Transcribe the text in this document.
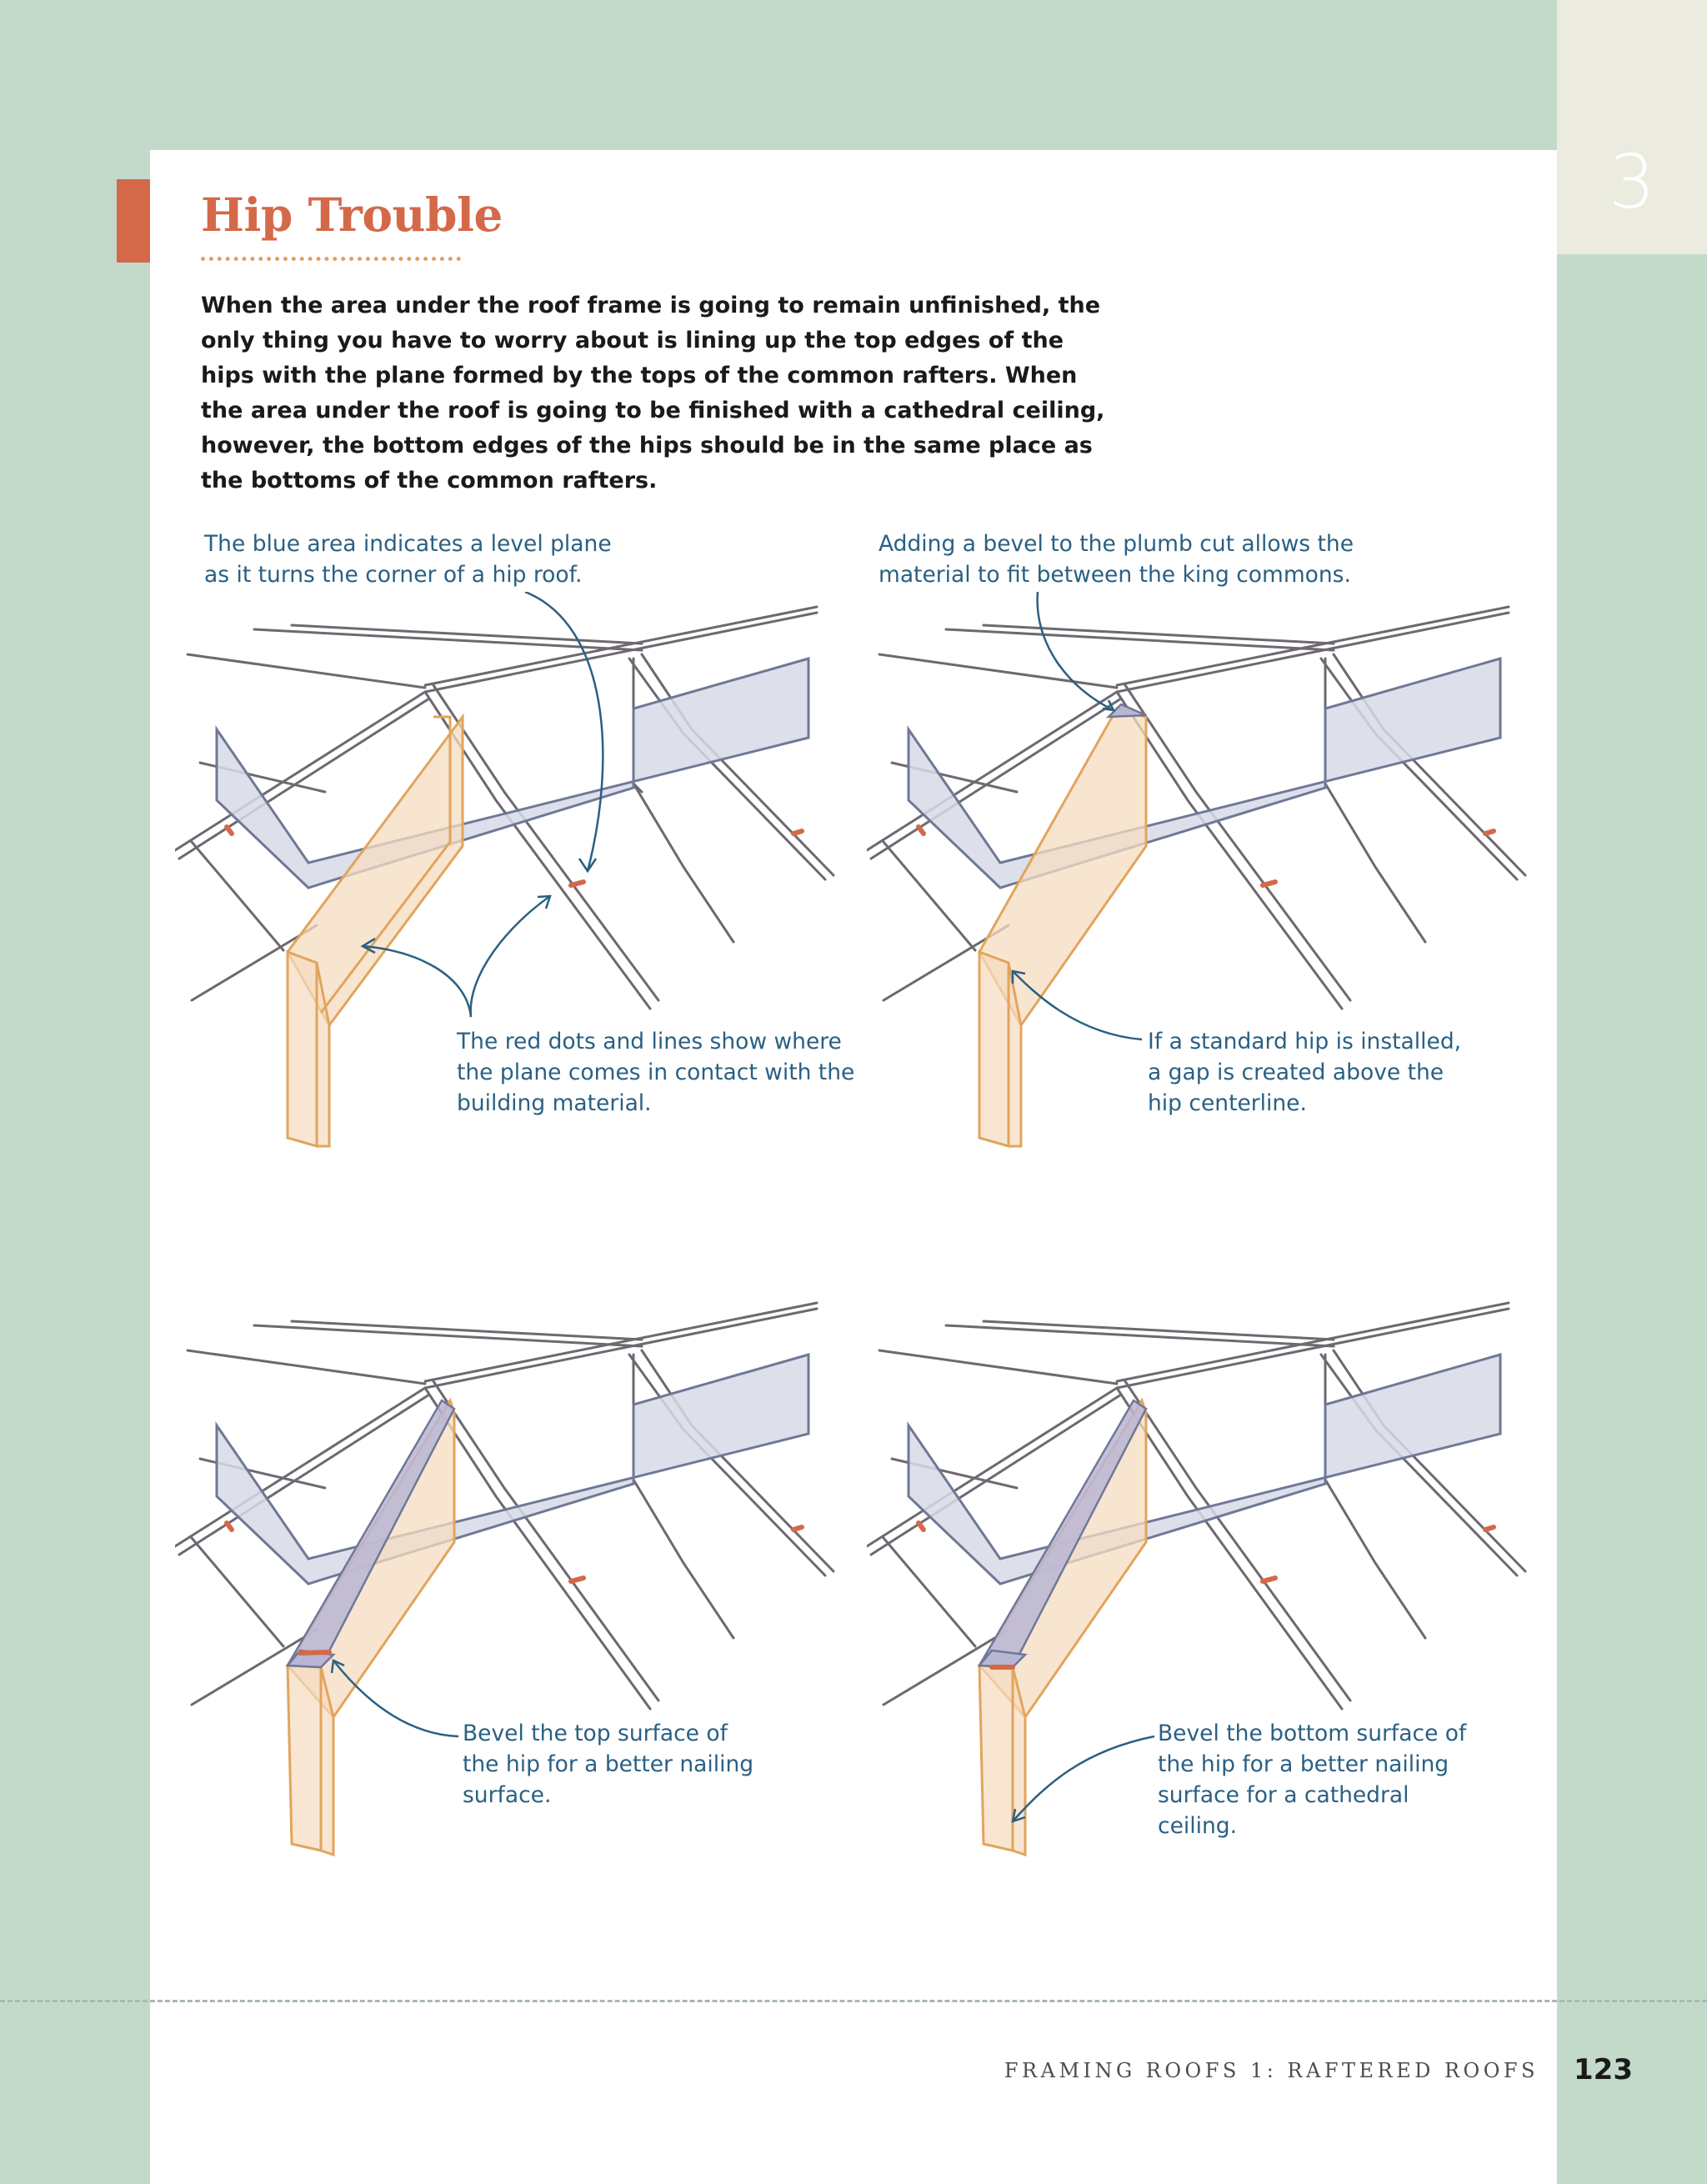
3
Hip Trouble

When the area under the roof frame is going to remain unfinished, the only thing you have to worry about is lining up the top edges of the hips with the plane formed by the tops of the common rafters. When the area under the roof is going to be finished with a cathedral ceiling, however, the bottom edges of the hips should be in the same place as the bottoms of the common rafters.

The blue area indicates a level plane
as it turns the corner of a hip roof.

The red dots and lines show where
the plane comes in contact with the
building material.

Adding a bevel to the plumb cut allows the
material to fit between the king commons.

If a standard hip is installed,
a gap is created above the
hip centerline.

Bevel the top surface of
the hip for a better nailing
surface.

Bevel the bottom surface of
the hip for a better nailing
surface for a cathedral
ceiling.

FRAMING ROOFS 1: RAFTERED ROOFS 123
